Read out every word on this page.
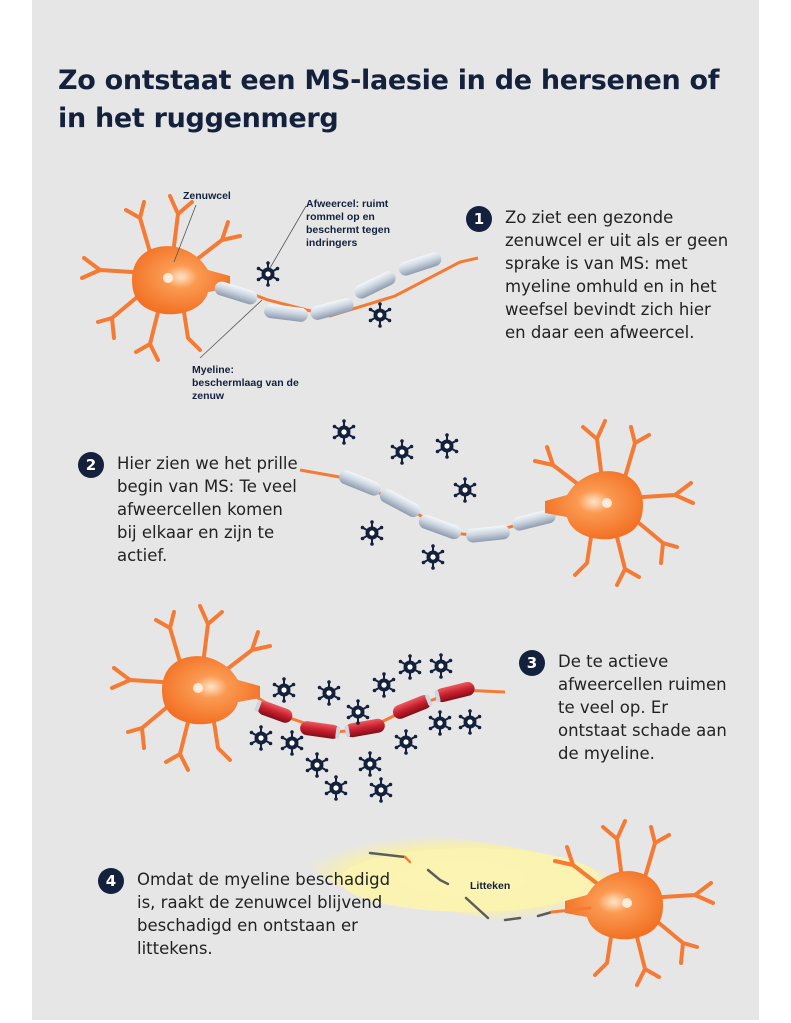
Zo ontstaat een MS-laesie in de hersenen of in het ruggenmerg
Zenuwcel
Afweercel: ruimt rommel op en beschermt tegen indringers
Myeline: beschermlaag van de zenuw
Litteken
1	Zo ziet een gezonde zenuwcel er uit als er geen sprake is van MS: met myeline omhuld en in het weefsel bevindt zich hier en daar een afweercel.
2	Hier zien we het prille begin van MS: Te veel afweercellen komen bij elkaar en zijn te actief.
3	De te actieve afweercellen ruimen te veel op. Er ontstaat schade aan de myeline.
4	Omdat de myeline beschadigd is, raakt de zenuwcel blijvend beschadigd en ontstaan er littekens.
